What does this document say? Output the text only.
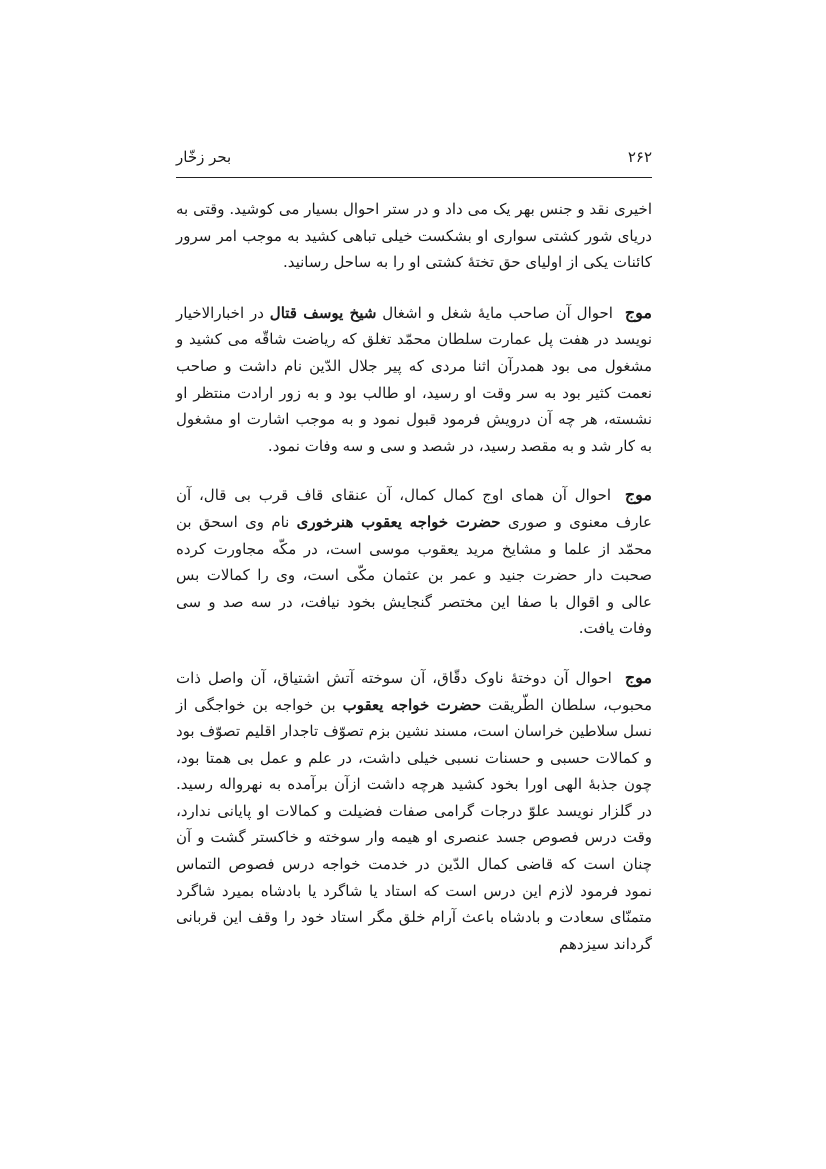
۲۶۲
بحر زخّار

اخیری نقد و جنس بهر یک می داد و در ستر احوال بسیار می کوشید. وقتی به دریای شور کشتی سواری او بشکست خیلی تباهی کشید به موجب امر سرور کائنات یکی از اولیای حق تختهٔ کشتی او را به ساحل رسانید.

موج احوال آن صاحب مایهٔ شغل و اشغال شیخ یوسف قتال در اخبارالاخیار نویسد در هفت پل عمارت سلطان محمّد تغلق که ریاضت شاقّه می کشید و مشغول می بود همدرآن اثنا مردی که پیر جلال الدّین نام داشت و صاحب نعمت کثیر بود به سر وقت او رسید، او طالب بود و به زور ارادت منتظر او نشسته، هر چه آن درویش فرمود قبول نمود و به موجب اشارت او مشغول به کار شد و به مقصد رسید، در شصد و سی و سه وفات نمود.

موج احوال آن همای اوج کمال کمال، آن عنقای قاف قرب بی قال، آن عارف معنوی و صوری حضرت خواجه یعقوب هنرخوری نام وی اسحق بن محمّد از علما و مشایخ مرید یعقوب موسی است، در مکّه مجاورت کرده صحبت دار حضرت جنید و عمر بن عثمان مکّی است، وی را کمالات بس عالی و اقوال با صفا این مختصر گنجایش بخود نیافت، در سه صد و سی وفات یافت.

موج احوال آن دوختهٔ ناوک دقّاق، آن سوخته آتش اشتیاق، آن واصل ذات محبوب، سلطان الطّریقت حضرت خواجه یعقوب بن خواجه بن خواجگی از نسل سلاطین خراسان است، مسند نشین بزم تصوّف تاجدار اقلیم تصوّف بود و کمالات حسبی و حسنات نسبی خیلی داشت، در علم و عمل بی همتا بود، چون جذبهٔ الهی اورا بخود کشید هرچه داشت ازآن برآمده به نهرواله رسید. در گلزار نویسد علوّ درجات گرامی صفات فضیلت و کمالات او پایانی ندارد، وقت درس فصوص جسد عنصری او هیمه وار سوخته و خاکستر گشت و آن چنان است که قاضی کمال الدّین در خدمت خواجه درس فصوص التماس نمود فرمود لازم این درس است که استاد یا شاگرد یا بادشاه بمیرد شاگرد متمنّای سعادت و بادشاه باعث آرام خلق مگر استاد خود را وقف این قربانی گرداند سیزدهم
